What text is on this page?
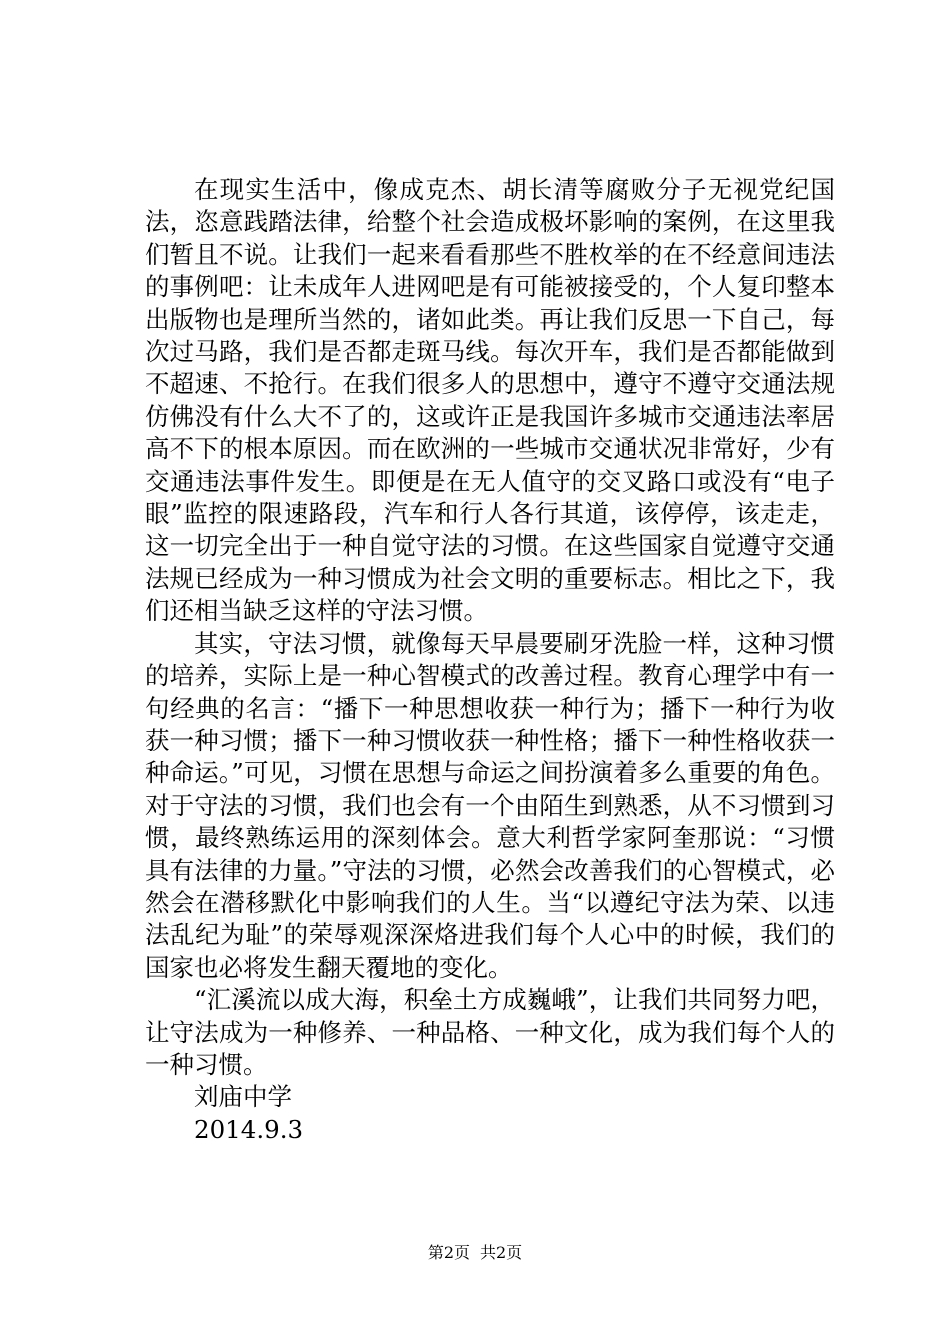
在现实生活中，像成克杰、胡长清等腐败分子无视党纪国法，恣意践踏法律，给整个社会造成极坏影响的案例，在这里我们暂且不说。让我们一起来看看那些不胜枚举的在不经意间违法的事例吧：让未成年人进网吧是有可能被接受的，个人复印整本出版物也是理所当然的，诸如此类。再让我们反思一下自己，每次过马路，我们是否都走斑马线。每次开车，我们是否都能做到不超速、不抢行。在我们很多人的思想中，遵守不遵守交通法规仿佛没有什么大不了的，这或许正是我国许多城市交通违法率居高不下的根本原因。而在欧洲的一些城市交通状况非常好，少有交通违法事件发生。即便是在无人值守的交叉路口或没有“电子眼”监控的限速路段，汽车和行人各行其道，该停停，该走走，这一切完全出于一种自觉守法的习惯。在这些国家自觉遵守交通法规已经成为一种习惯成为社会文明的重要标志。相比之下，我们还相当缺乏这样的守法习惯。

其实，守法习惯，就像每天早晨要刷牙洗脸一样，这种习惯的培养，实际上是一种心智模式的改善过程。教育心理学中有一句经典的名言：“播下一种思想收获一种行为；播下一种行为收获一种习惯；播下一种习惯收获一种性格；播下一种性格收获一种命运。”可见，习惯在思想与命运之间扮演着多么重要的角色。对于守法的习惯，我们也会有一个由陌生到熟悉，从不习惯到习惯，最终熟练运用的深刻体会。意大利哲学家阿奎那说：“习惯具有法律的力量。”守法的习惯，必然会改善我们的心智模式，必然会在潜移默化中影响我们的人生。当“以遵纪守法为荣、以违法乱纪为耻”的荣辱观深深烙进我们每个人心中的时候，我们的国家也必将发生翻天覆地的变化。

“汇溪流以成大海，积垒土方成巍峨”，让我们共同努力吧，让守法成为一种修养、一种品格、一种文化，成为我们每个人的一种习惯。

刘庙中学

2014.9.3

第2页 共2页
